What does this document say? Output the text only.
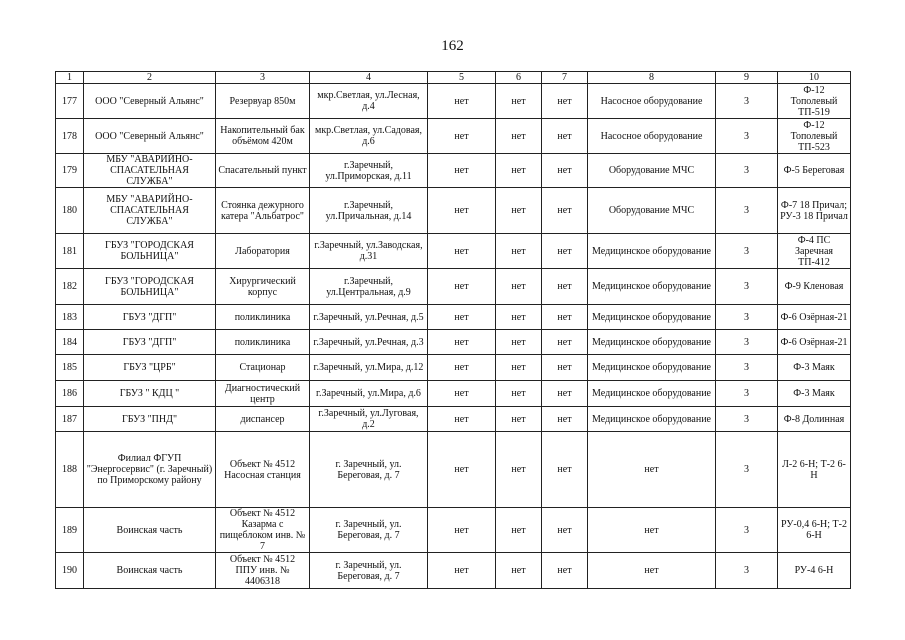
162
1	2	3	4	5	6	7	8	9	10
177	ООО "Северный Альянс"	Резервуар 850м	мкр.Светлая, ул.Лесная, д.4	нет	нет	нет	Насосное оборудование	3	Ф-12 Тополевый ТП-519
178	ООО "Северный Альянс"	Накопительный бак объёмом 420м	мкр.Светлая, ул.Садовая, д.6	нет	нет	нет	Насосное оборудование	3	Ф-12 Тополевый ТП-523
179	МБУ "АВАРИЙНО-СПАСАТЕЛЬНАЯ СЛУЖБА"	Спасательный пункт	г.Заречный, ул.Приморская, д.11	нет	нет	нет	Оборудование МЧС	3	Ф-5 Береговая
180	МБУ "АВАРИЙНО-СПАСАТЕЛЬНАЯ СЛУЖБА"	Стоянка дежурного катера "Альбатрос"	г.Заречный, ул.Причальная, д.14	нет	нет	нет	Оборудование МЧС	3	Ф-7 18 Причал; РУ-3 18 Причал
181	ГБУЗ "ГОРОДСКАЯ БОЛЬНИЦА"	Лаборатория	г.Заречный, ул.Заводская, д.31	нет	нет	нет	Медицинское оборудование	3	Ф-4 ПС Заречная ТП-412
182	ГБУЗ "ГОРОДСКАЯ БОЛЬНИЦА"	Хирургический корпус	г.Заречный, ул.Центральная, д.9	нет	нет	нет	Медицинское оборудование	3	Ф-9 Кленовая
183	ГБУЗ "ДГП"	поликлиника	г.Заречный, ул.Речная, д.5	нет	нет	нет	Медицинское оборудование	3	Ф-6 Озёрная-21
184	ГБУЗ "ДГП"	поликлиника	г.Заречный, ул.Речная, д.3	нет	нет	нет	Медицинское оборудование	3	Ф-6 Озёрная-21
185	ГБУЗ "ЦРБ"	Стационар	г.Заречный, ул.Мира, д.12	нет	нет	нет	Медицинское оборудование	3	Ф-3 Маяк
186	ГБУЗ " КДЦ "	Диагностический центр	г.Заречный, ул.Мира, д.6	нет	нет	нет	Медицинское оборудование	3	Ф-3 Маяк
187	ГБУЗ "ПНД"	диспансер	г.Заречный, ул.Луговая, д.2	нет	нет	нет	Медицинское оборудование	3	Ф-8 Долинная
188	Филиал ФГУП "Энергосервис" (г. Заречный) по Приморскому району	Объект № 4512 Насосная станция	г. Заречный, ул. Береговая, д. 7	нет	нет	нет	нет	3	Л-2 6-Н; Т-2 6-Н
189	Воинская часть	Объект № 4512 Казарма с пищеблоком инв. № 7	г. Заречный, ул. Береговая, д. 7	нет	нет	нет	нет	3	РУ-0,4 6-Н; Т-2 6-Н
190	Воинская часть	Объект № 4512 ППУ инв. № 4406318	г. Заречный, ул. Береговая, д. 7	нет	нет	нет	нет	3	РУ-4 6-Н
